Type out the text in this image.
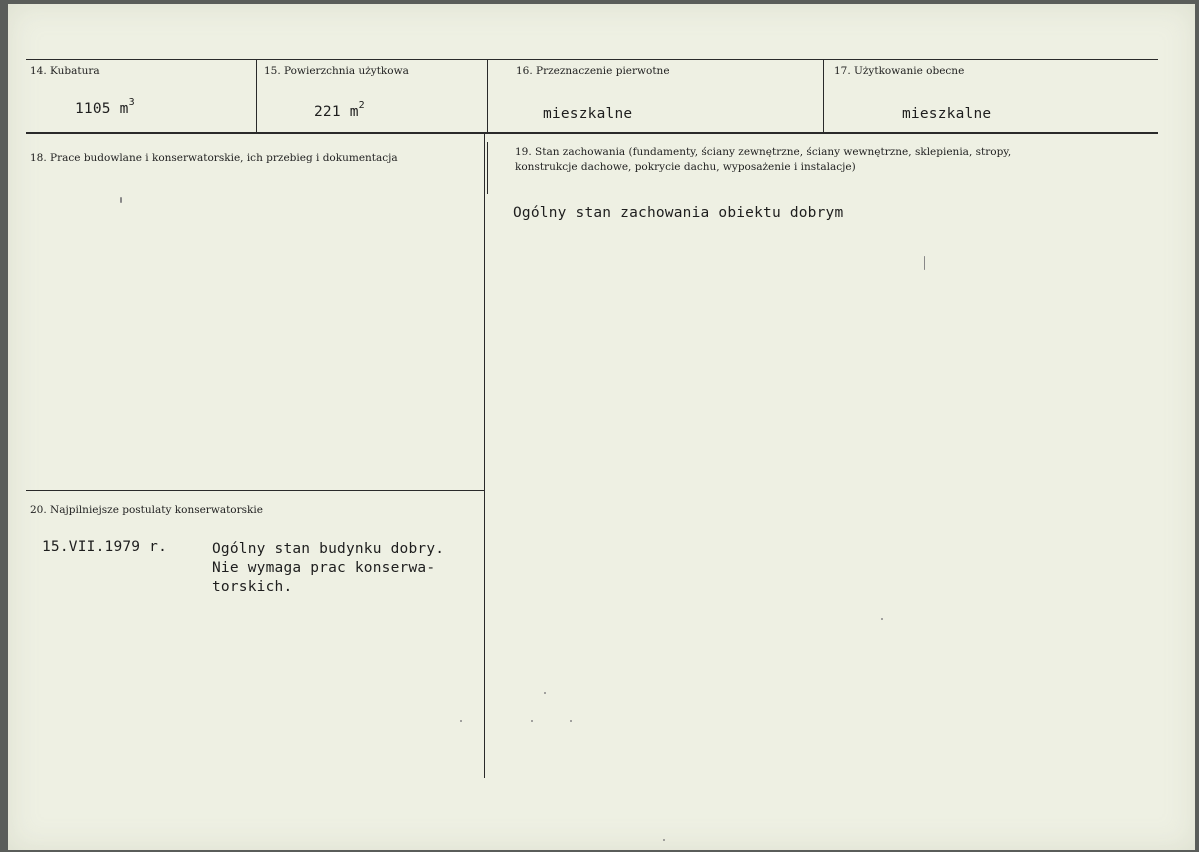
14. Kubatura
1105 $m^3$
15. Powierzchnia użytkowa
221 $m^2$
16. Przeznaczenie pierwotne
mieszkalne
17. Użytkowanie obecne
mieszkalne
18. Prace budowlane i konserwatorskie, ich przebieg i dokumentacja	19. Stan zachowania (fundamenty, ściany zewnętrzne, ściany wewnętrzne, sklepienia, stropy,
konstrukcje dachowe, pokrycie dachu, wyposażenie i instalacje)
Ogólny stan zachowania obiektu dobrym
20. Najpilniejsze postulaty konserwatorskie
15.VII.1979 r.	Ogólny stan budynku dobry.
Nie wymaga prac konserwa-
torskich.
